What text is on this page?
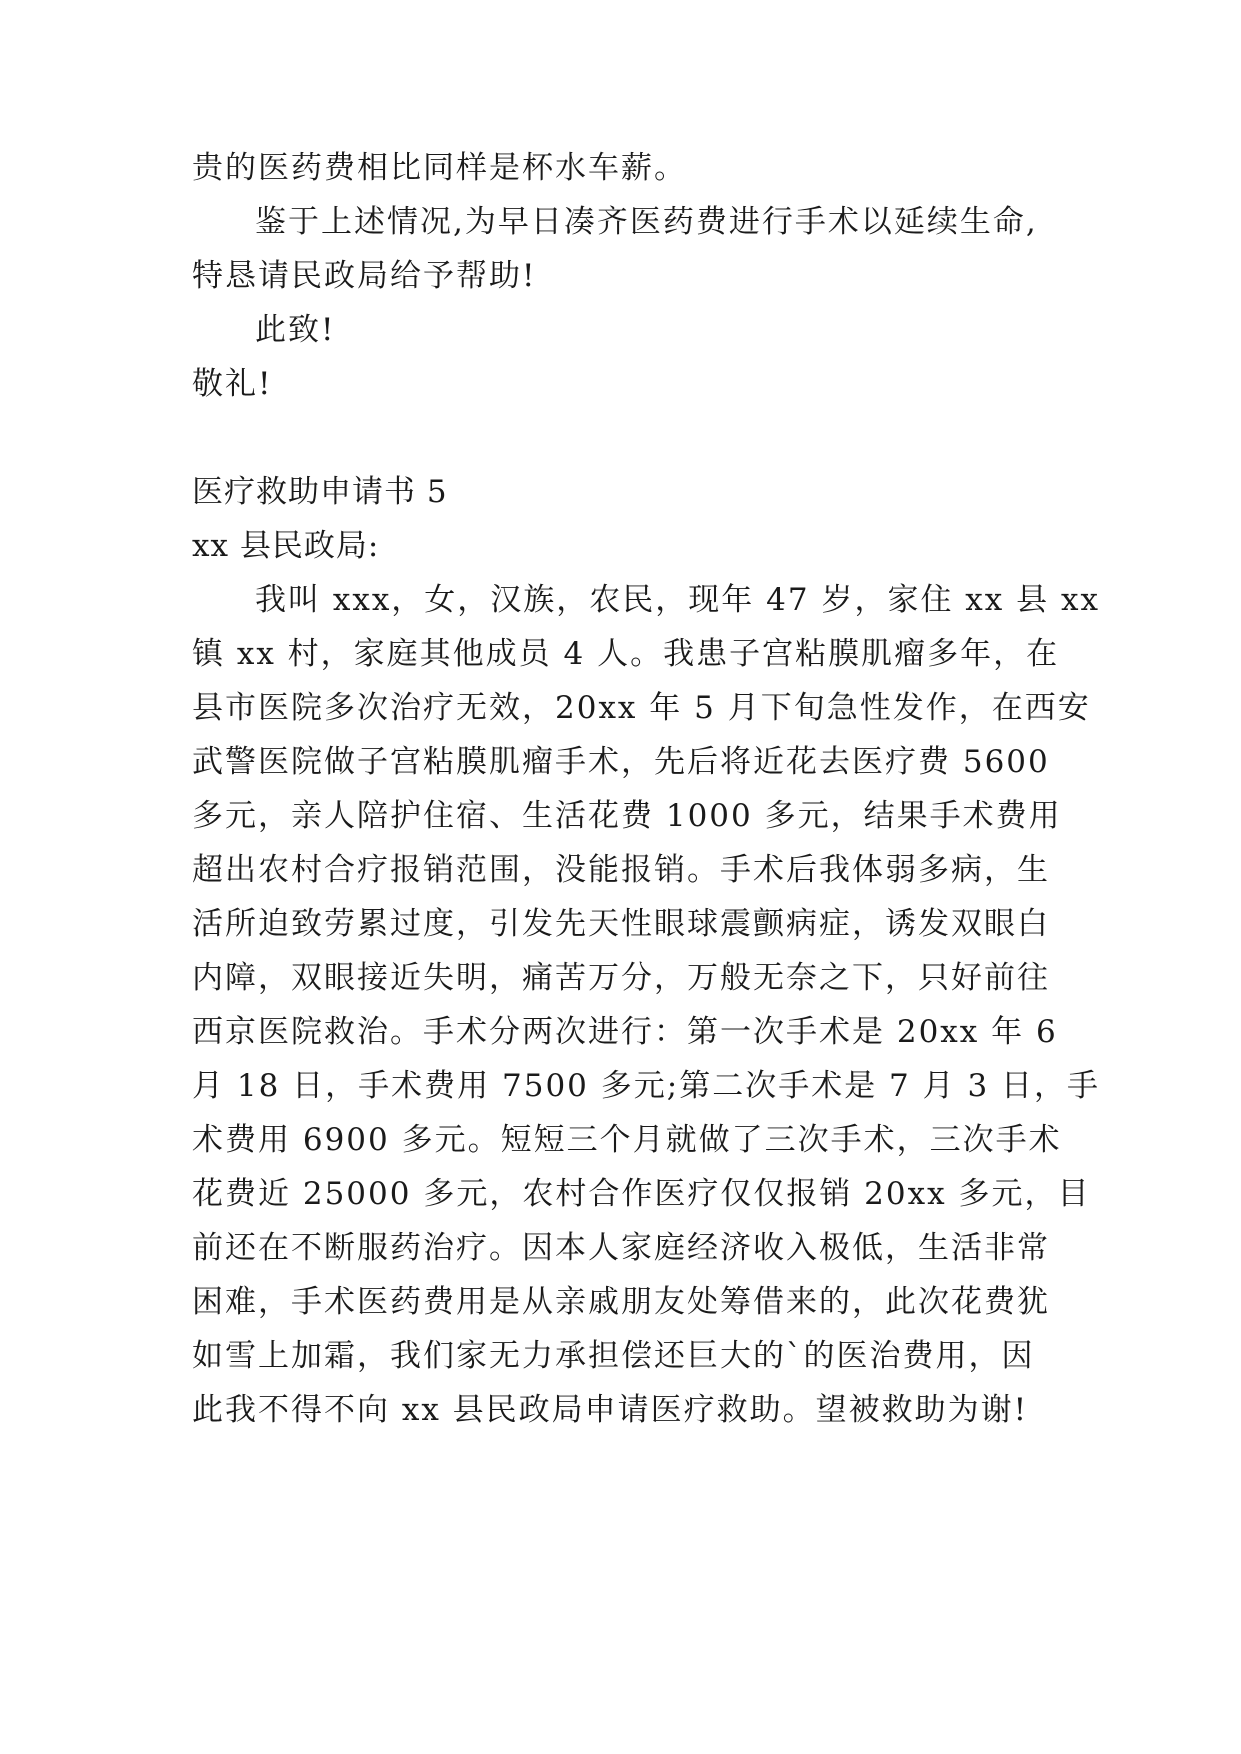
贵的医药费相比同样是杯水车薪。
鉴于上述情况,为早日凑齐医药费进行手术以延续生命,
特恳请民政局给予帮助!
此致!
敬礼!
医疗救助申请书 5
xx 县民政局:
我叫 xxx，女，汉族，农民，现年 47 岁，家住 xx 县 xx
镇 xx 村，家庭其他成员 4 人。我患子宫粘膜肌瘤多年，在
县市医院多次治疗无效，20xx 年 5 月下旬急性发作，在西安
武警医院做子宫粘膜肌瘤手术，先后将近花去医疗费 5600
多元，亲人陪护住宿、生活花费 1000 多元，结果手术费用
超出农村合疗报销范围，没能报销。手术后我体弱多病，生
活所迫致劳累过度，引发先天性眼球震颤病症，诱发双眼白
内障，双眼接近失明，痛苦万分，万般无奈之下，只好前往
西京医院救治。手术分两次进行：第一次手术是 20xx 年 6
月 18 日，手术费用 7500 多元;第二次手术是 7 月 3 日，手
术费用 6900 多元。短短三个月就做了三次手术，三次手术
花费近 25000 多元，农村合作医疗仅仅报销 20xx 多元，目
前还在不断服药治疗。因本人家庭经济收入极低，生活非常
困难，手术医药费用是从亲戚朋友处筹借来的，此次花费犹
如雪上加霜，我们家无力承担偿还巨大的`的医治费用，因
此我不得不向 xx 县民政局申请医疗救助。望被救助为谢!
